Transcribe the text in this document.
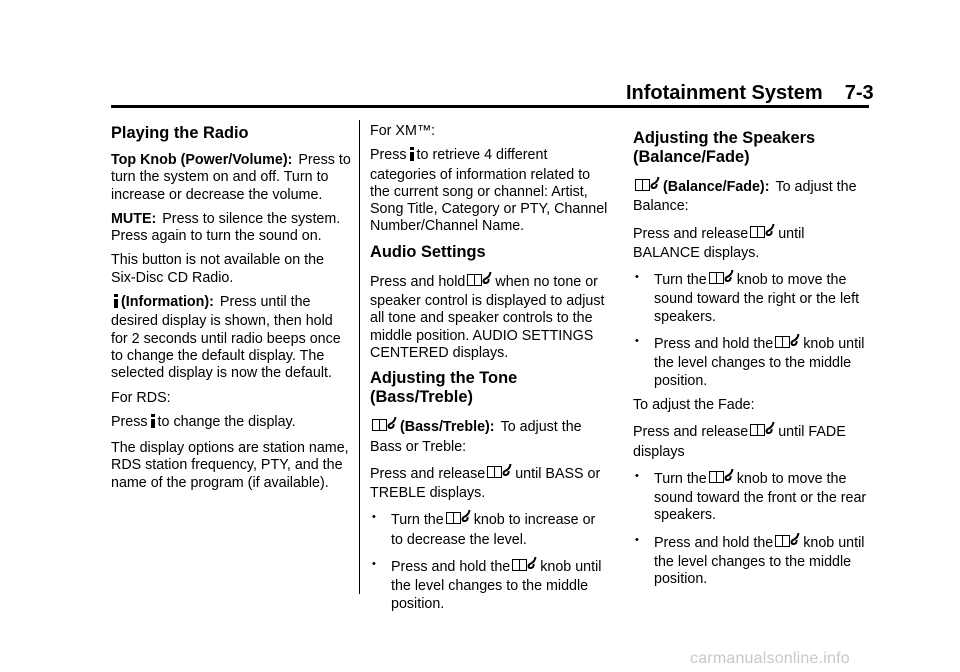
Infotainment System 7-3
Playing the Radio

Top Knob (Power/Volume): Press to turn the system on and off. Turn to increase or decrease the volume.

MUTE: Press to silence the system. Press again to turn the sound on.

This button is not available on the Six-Disc CD Radio.

(Information): Press until the desired display is shown, then hold for 2 seconds until radio beeps once to change the default display. The selected display is now the default.

For RDS:

Press to change the display.

The display options are station name, RDS station frequency, PTY, and the name of the program (if available).

For XM™:

Press to retrieve 4 different categories of information related to the current song or channel: Artist, Song Title, Category or PTY, Channel Number/Channel Name.

Audio Settings

Press and hold when no tone or speaker control is displayed to adjust all tone and speaker controls to the middle position. AUDIO SETTINGS CENTERED displays.

Adjusting the Tone (Bass/Treble)

(Bass/Treble): To adjust the Bass or Treble:

Press and release until BASS or TREBLE displays.

• Turn the knob to increase or to decrease the level.
• Press and hold the knob until the level changes to the middle position.
Adjusting the Speakers (Balance/Fade)

(Balance/Fade): To adjust the Balance:

Press and release until BALANCE displays.

• Turn the knob to move the sound toward the right or the left speakers.
• Press and hold the knob until the level changes to the middle position.

To adjust the Fade:

Press and release until FADE displays

• Turn the knob to move the sound toward the front or the rear speakers.
• Press and hold the knob until the level changes to the middle position.
carmanualsonline.info
